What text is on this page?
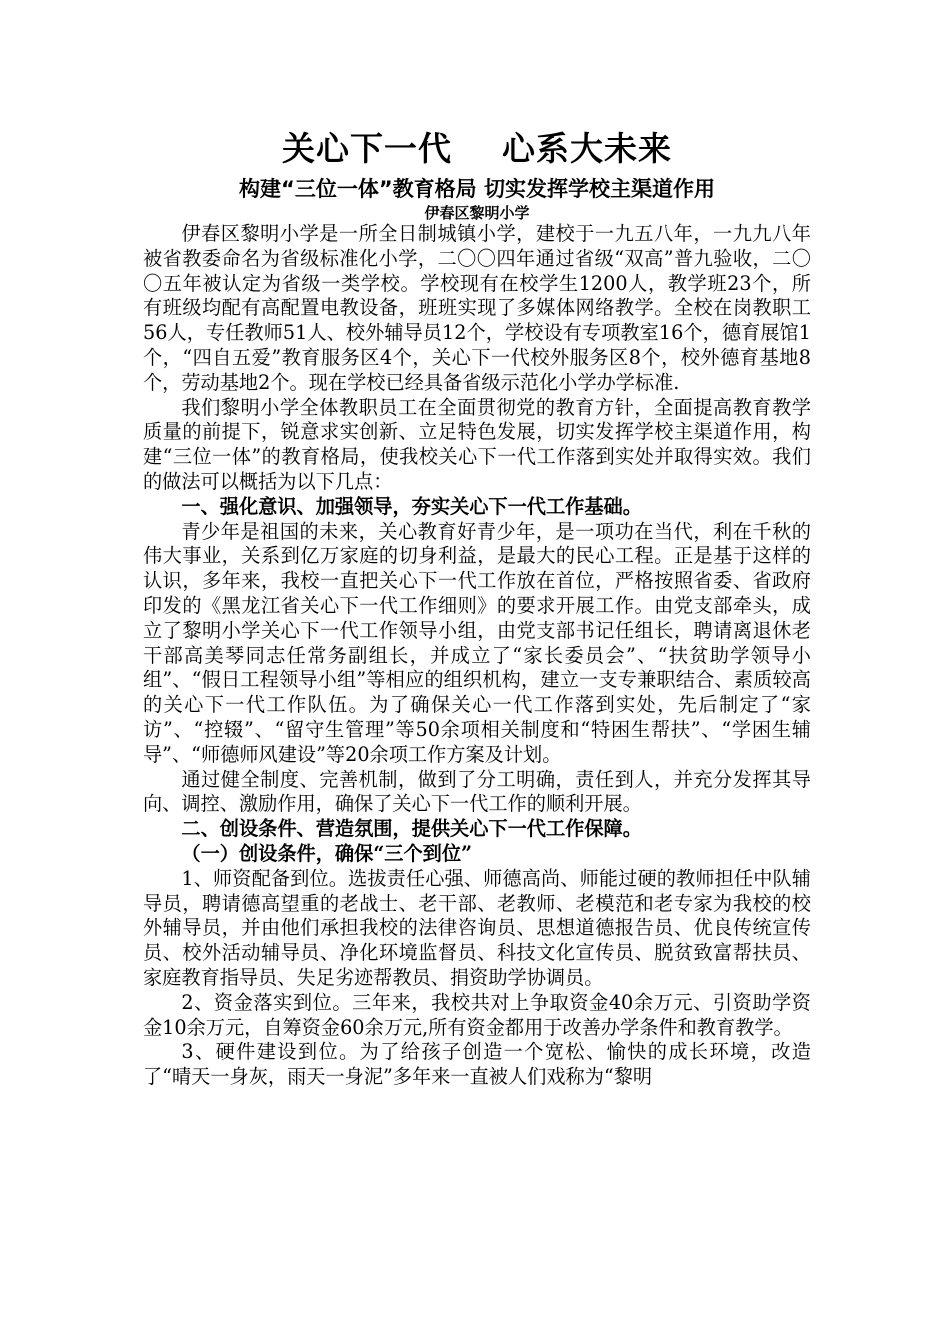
关心下一代    心系大未来
构建“三位一体”教育格局 切实发挥学校主渠道作用
伊春区黎明小学

伊春区黎明小学是一所全日制城镇小学，建校于一九五八年，一九九八年被省教委命名为省级标准化小学，二〇〇四年通过省级“双高”普九验收，二〇〇五年被认定为省级一类学校。学校现有在校学生1200人，教学班23个，所有班级均配有高配置电教设备，班班实现了多媒体网络教学。全校在岗教职工56人，专任教师51人、校外辅导员12个，学校设有专项教室16个，德育展馆1个，“四自五爱”教育服务区4个，关心下一代校外服务区8个，校外德育基地8个，劳动基地2个。现在学校已经具备省级示范化小学办学标准.

我们黎明小学全体教职员工在全面贯彻党的教育方针，全面提高教育教学质量的前提下，锐意求实创新、立足特色发展，切实发挥学校主渠道作用，构建“三位一体”的教育格局，使我校关心下一代工作落到实处并取得实效。我们的做法可以概括为以下几点：

一、强化意识、加强领导，夯实关心下一代工作基础。

青少年是祖国的未来，关心教育好青少年，是一项功在当代，利在千秋的伟大事业，关系到亿万家庭的切身利益，是最大的民心工程。正是基于这样的认识，多年来，我校一直把关心下一代工作放在首位，严格按照省委、省政府印发的《黑龙江省关心下一代工作细则》的要求开展工作。由党支部牵头，成立了黎明小学关心下一代工作领导小组，由党支部书记任组长，聘请离退休老干部高美琴同志任常务副组长，并成立了“家长委员会”、“扶贫助学领导小组”、“假日工程领导小组”等相应的组织机构，建立一支专兼职结合、素质较高的关心下一代工作队伍。为了确保关心一代工作落到实处，先后制定了“家访”、“控辍”、“留守生管理”等50余项相关制度和“特困生帮扶”、“学困生辅导”、“师德师风建设”等20余项工作方案及计划。

通过健全制度、完善机制，做到了分工明确，责任到人，并充分发挥其导向、调控、激励作用，确保了关心下一代工作的顺利开展。

二、创设条件、营造氛围，提供关心下一代工作保障。

（一）创设条件，确保“三个到位”

1、师资配备到位。选拔责任心强、师德高尚、师能过硬的教师担任中队辅导员，聘请德高望重的老战士、老干部、老教师、老模范和老专家为我校的校外辅导员，并由他们承担我校的法律咨询员、思想道德报告员、优良传统宣传员、校外活动辅导员、净化环境监督员、科技文化宣传员、脱贫致富帮扶员、家庭教育指导员、失足劣迹帮教员、捐资助学协调员。

2、资金落实到位。三年来，我校共对上争取资金40余万元、引资助学资金10余万元，自筹资金60余万元,所有资金都用于改善办学条件和教育教学。

3、硬件建设到位。为了给孩子创造一个宽松、愉快的成长环境，改造了“晴天一身灰，雨天一身泥”多年来一直被人们戏称为“黎明
